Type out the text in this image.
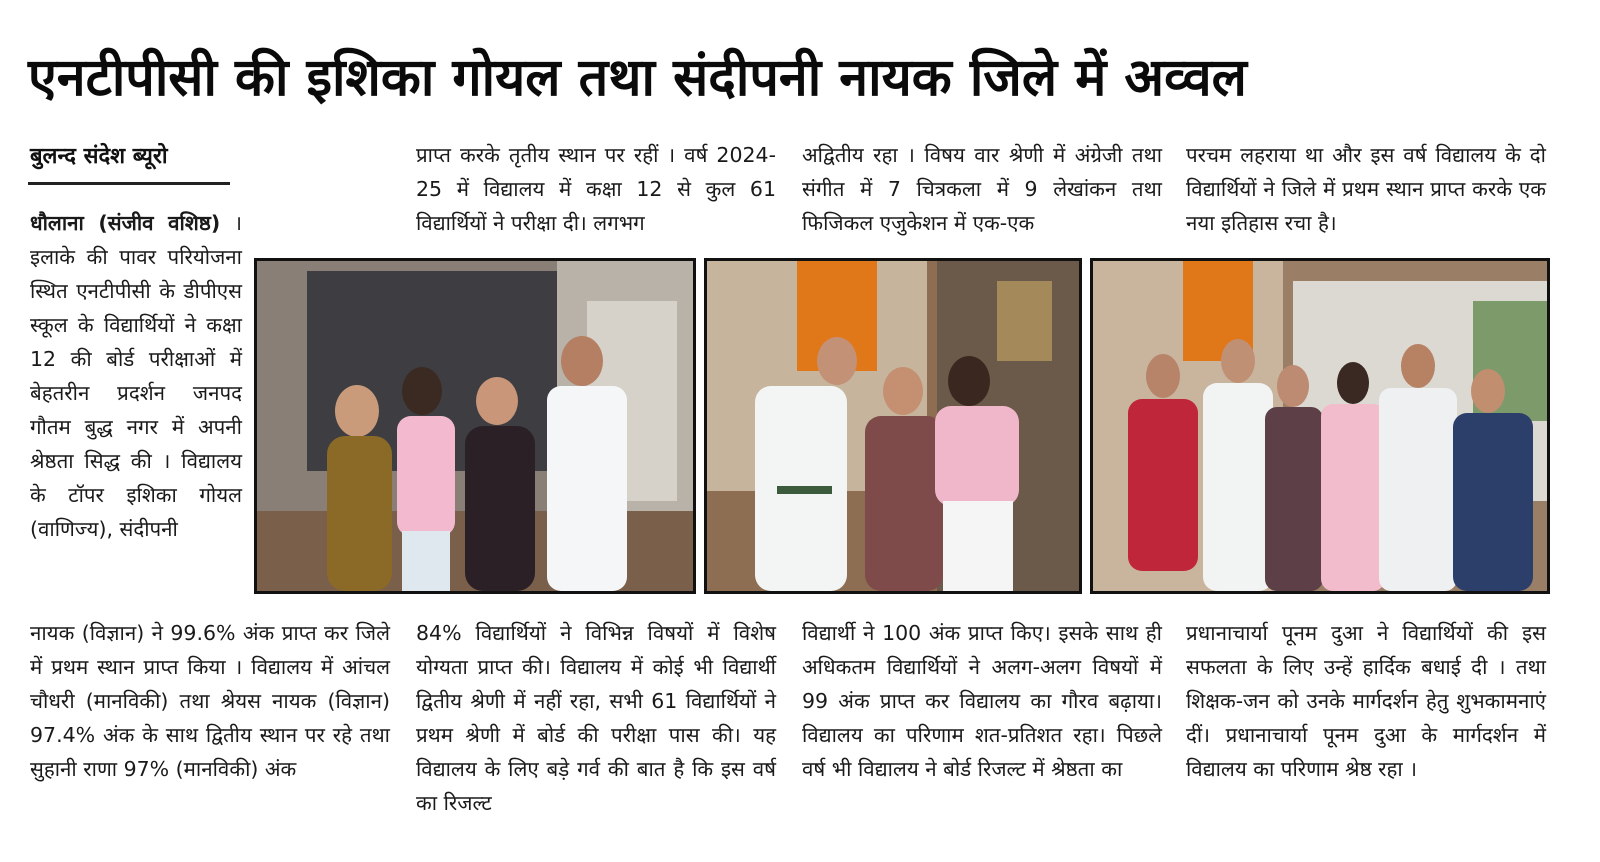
एनटीपीसी की इशिका गोयल तथा संदीपनी नायक जिले में अव्वल
बुलन्द संदेश ब्यूरो

धौलाना (संजीव वशिष्ठ) । इलाके की पावर परियोजना स्थित एनटीपीसी के डीपीएस स्कूल के विद्यार्थियों ने कक्षा 12 की बोर्ड परीक्षाओं में बेहतरीन प्रदर्शन जनपद गौतम बुद्ध नगर में अपनी श्रेष्ठता सिद्ध की । विद्यालय के टॉपर इशिका गोयल (वाणिज्य), संदीपनी

नायक (विज्ञान) ने 99.6% अंक प्राप्त कर जिले में प्रथम स्थान प्राप्त किया । विद्यालय में आंचल चौधरी (मानविकी) तथा श्रेयस नायक (विज्ञान) 97.4% अंक के साथ द्वितीय स्थान पर रहे तथा सुहानी राणा 97% (मानविकी) अंक

प्राप्त करके तृतीय स्थान पर रहीं । वर्ष 2024-25 में विद्यालय में कक्षा 12 से कुल 61 विद्यार्थियों ने परीक्षा दी। लगभग

84% विद्यार्थियों ने विभिन्न विषयों में विशेष योग्यता प्राप्त की। विद्यालय में कोई भी विद्यार्थी द्वितीय श्रेणी में नहीं रहा, सभी 61 विद्यार्थियों ने प्रथम श्रेणी में बोर्ड की परीक्षा पास की। यह विद्यालय के लिए बड़े गर्व की बात है कि इस वर्ष का रिजल्ट

अद्वितीय रहा । विषय वार श्रेणी में अंग्रेजी तथा संगीत में 7 चित्रकला में 9 लेखांकन तथा फिजिकल एजुकेशन में एक-एक

विद्यार्थी ने 100 अंक प्राप्त किए। इसके साथ ही अधिकतम विद्यार्थियों ने अलग-अलग विषयों में 99 अंक प्राप्त कर विद्यालय का गौरव बढ़ाया। विद्यालय का परिणाम शत-प्रतिशत रहा। पिछले वर्ष भी विद्यालय ने बोर्ड रिजल्ट में श्रेष्ठता का

परचम लहराया था और इस वर्ष विद्यालय के दो विद्यार्थियों ने जिले में प्रथम स्थान प्राप्त करके एक नया इतिहास रचा है।

प्रधानाचार्या पूनम दुआ ने विद्यार्थियों की इस सफलता के लिए उन्हें हार्दिक बधाई दी । तथा शिक्षक-जन को उनके मार्गदर्शन हेतु शुभकामनाएं दीं। प्रधानाचार्या पूनम दुआ के मार्गदर्शन में विद्यालय का परिणाम श्रेष्ठ रहा ।
